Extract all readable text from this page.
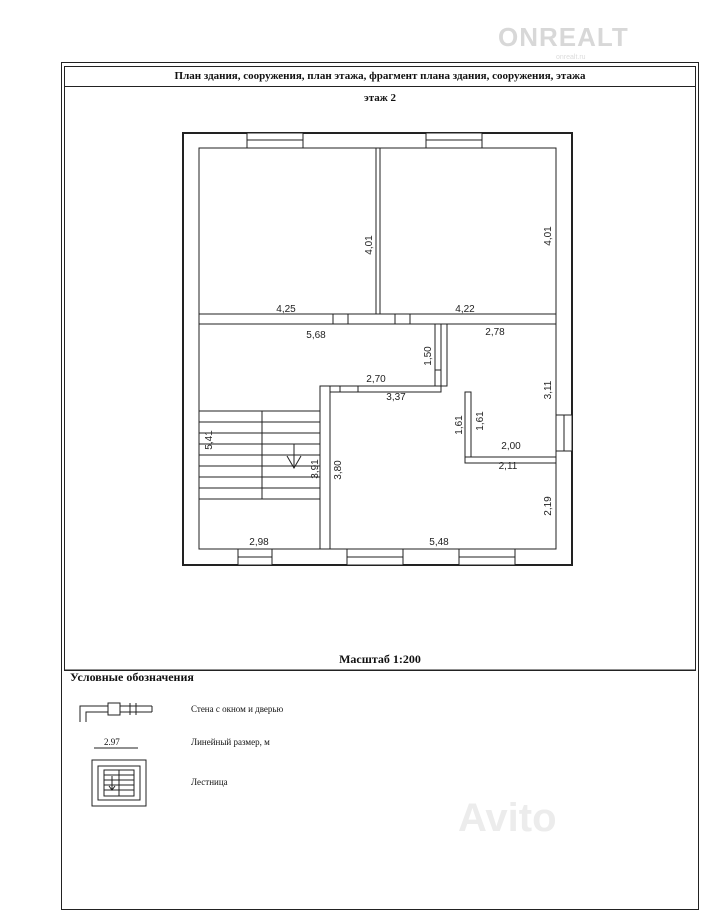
ONREALT
onrealt.ru
План здания, сооружения, план этажа, фрагмент плана здания, сооружения, этажа
этаж 2
4,01
4,25
4,01
4,22
5,68
1,50
2,70
3,37
2,78
3,11
1,61 1,61
2,00
2,11
2,19
5,41
3,91 3,80
2,98	5,48
Масштаб 1:200
Условные обозначения
Стена с окном и дверью
2.97	Линейный размер, м
Лестница
Avito
